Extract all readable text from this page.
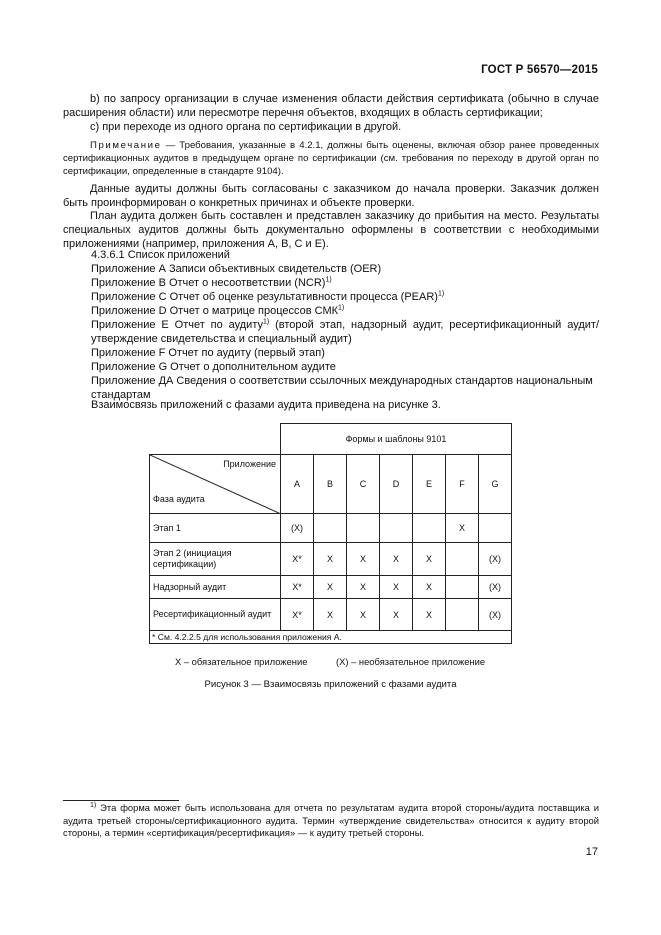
ГОСТ Р 56570—2015

b) по запросу организации в случае изменения области действия сертификата (обычно в случае расширения области) или пересмотре перечня объектов, входящих в область сертификации;

c) при переходе из одного органа по сертификации в другой.

Примечание — Требования, указанные в 4.2.1, должны быть оценены, включая обзор ранее проведенных сертификационных аудитов в предыдущем органе по сертификации (см. требования по переходу в другой орган по сертификации, определенные в стандарте 9104).

Данные аудиты должны быть согласованы с заказчиком до начала проверки. Заказчик должен быть проинформирован о конкретных причинах и объекте проверки.

План аудита должен быть составлен и представлен заказчику до прибытия на место. Результаты специальных аудитов должны быть документально оформлены в соответствии с необходимыми приложениями (например, приложения А, B, C и E).

4.3.6.1 Список приложений
Приложение А Записи объективных свидетельств (OER)
Приложение B Отчет о несоответствии (NCR)$^{1)}$
Приложение C Отчет об оценке результативности процесса (PEAR)$^{1)}$
Приложение D Отчет о матрице процессов СМК$^{1)}$
Приложение E Отчет по аудиту$^{1)}$ (второй этап, надзорный аудит, ресертификационный аудит/ утверждение свидетельства и специальный аудит)
Приложение F Отчет по аудиту (первый этап)
Приложение G Отчет о дополнительном аудите
Приложение ДА Сведения о соответствии ссылочных международных стандартов национальным стандартам
Взаимосвязь приложений с фазами аудита приведена на рисунке 3.
	Формы и шаблоны 9101						

Приложение
Фаза аудита	A	B	C	D	E	F	G
Этап 1	(X)					X	
Этап 2 (инициация сертификации)	X*	X	X	X	X		(X)
Надзорный аудит	X*	X	X	X	X		(X)
Ресертификационный аудит	X*	X	X	X	X		(X)
* См. 4.2.2.5 для использования приложения А.							
X – обязательное приложение	(X) – необязательное приложение
Рисунок 3 — Взаимосвязь приложений с фазами аудита

$^{1)}$ Эта форма может быть использована для отчета по результатам аудита второй стороны/аудита поставщика и аудита третьей стороны/сертификационного аудита. Термин «утверждение свидетельства» относится к аудиту второй стороны, а термин «сертификация/ресертификация» — к аудиту третьей стороны.

17
